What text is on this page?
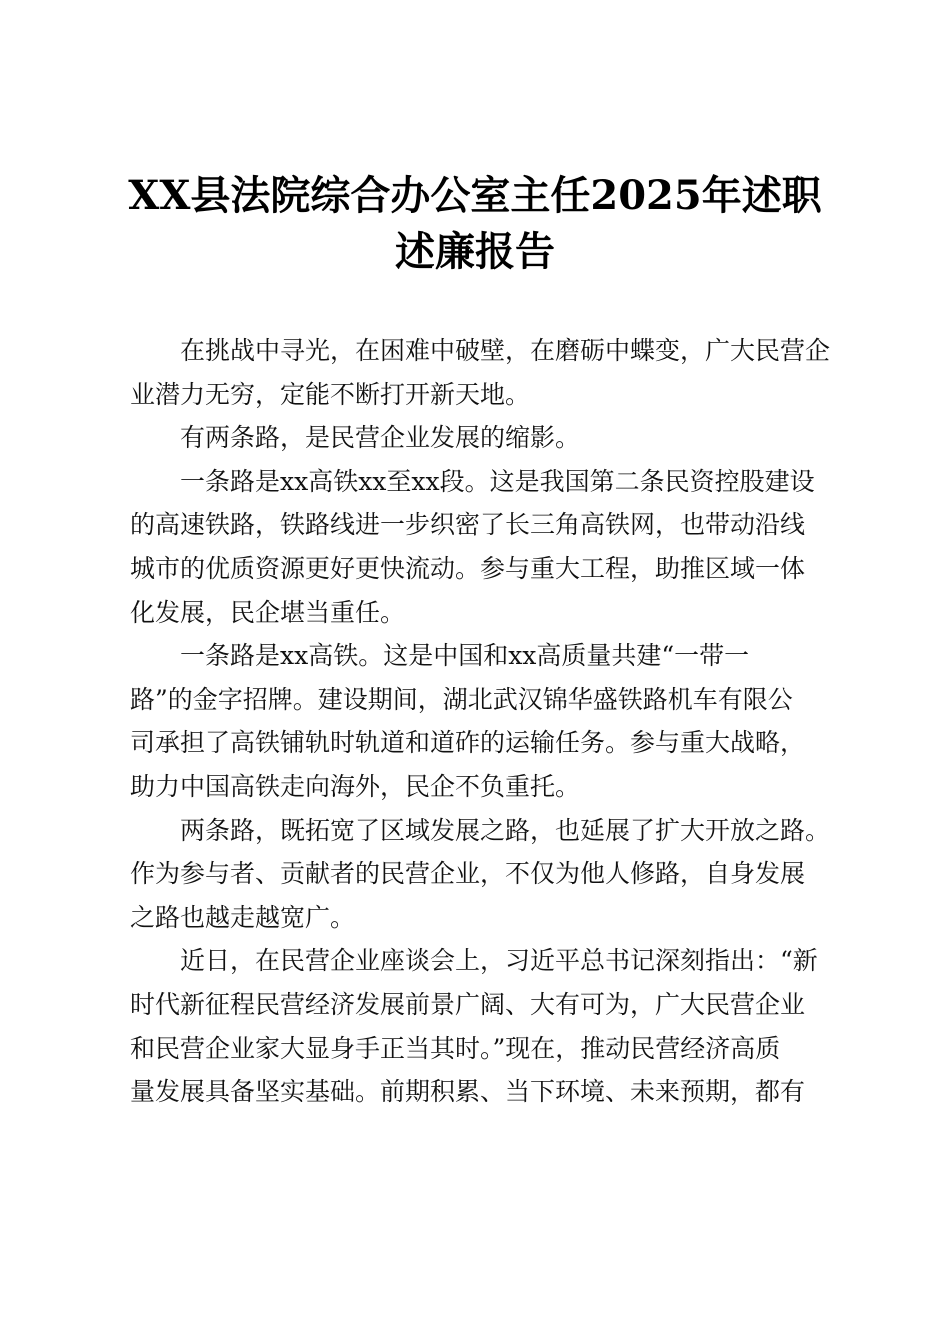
XX县法院综合办公室主任2025年述职
述廉报告

在挑战中寻光，在困难中破壁，在磨砺中蝶变，广大民营企
业潜力无穷，定能不断打开新天地。

有两条路，是民营企业发展的缩影。

一条路是xx高铁xx至xx段。这是我国第二条民资控股建设
的高速铁路，铁路线进一步织密了长三角高铁网，也带动沿线
城市的优质资源更好更快流动。参与重大工程，助推区域一体
化发展，民企堪当重任。

一条路是xx高铁。这是中国和xx高质量共建“一带一
路”的金字招牌。建设期间，湖北武汉锦华盛铁路机车有限公
司承担了高铁铺轨时轨道和道砟的运输任务。参与重大战略，
助力中国高铁走向海外，民企不负重托。

两条路，既拓宽了区域发展之路，也延展了扩大开放之路。
作为参与者、贡献者的民营企业，不仅为他人修路，自身发展
之路也越走越宽广。

近日，在民营企业座谈会上，习近平总书记深刻指出：“新
时代新征程民营经济发展前景广阔、大有可为，广大民营企业
和民营企业家大显身手正当其时。”现在，推动民营经济高质
量发展具备坚实基础。前期积累、当下环境、未来预期，都有
